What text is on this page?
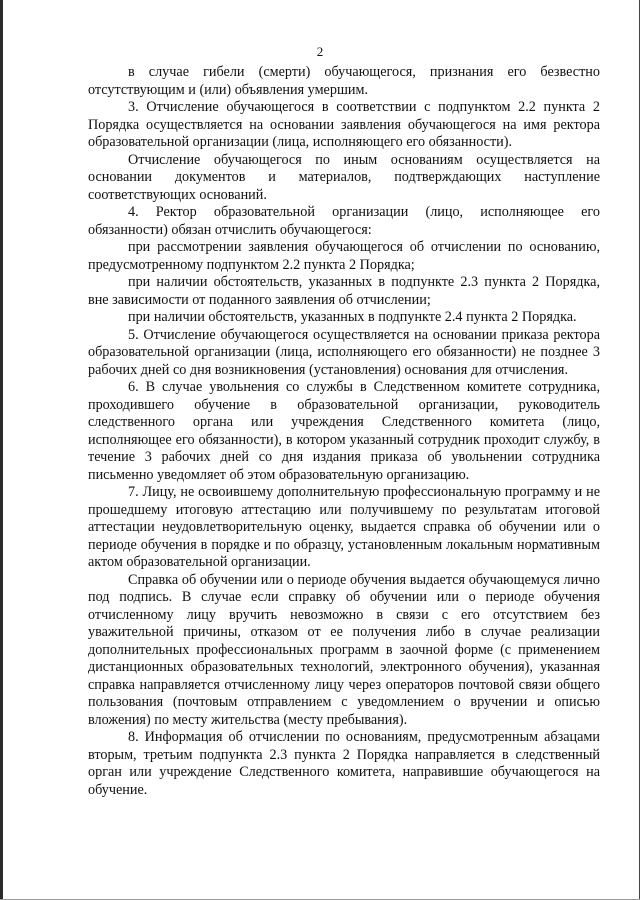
2

в случае гибели (смерти) обучающегося, признания его безвестно отсутствующим и (или) объявления умершим.

3. Отчисление обучающегося в соответствии с подпунктом 2.2 пункта 2 Порядка осуществляется на основании заявления обучающегося на имя ректора образовательной организации (лица, исполняющего его обязанности).

Отчисление обучающегося по иным основаниям осуществляется на основании документов и материалов, подтверждающих наступление соответствующих оснований.

4. Ректор образовательной организации (лицо, исполняющее его обязанности) обязан отчислить обучающегося:

при рассмотрении заявления обучающегося об отчислении по основанию, предусмотренному подпунктом 2.2 пункта 2 Порядка;

при наличии обстоятельств, указанных в подпункте 2.3 пункта 2 Порядка, вне зависимости от поданного заявления об отчислении;

при наличии обстоятельств, указанных в подпункте 2.4 пункта 2 Порядка.

5. Отчисление обучающегося осуществляется на основании приказа ректора образовательной организации (лица, исполняющего его обязанности) не позднее 3 рабочих дней со дня возникновения (установления) основания для отчисления.

6. В случае увольнения со службы в Следственном комитете сотрудника, проходившего обучение в образовательной организации, руководитель следственного органа или учреждения Следственного комитета (лицо, исполняющее его обязанности), в котором указанный сотрудник проходит службу, в течение 3 рабочих дней со дня издания приказа об увольнении сотрудника письменно уведомляет об этом образовательную организацию.

7. Лицу, не освоившему дополнительную профессиональную программу и не прошедшему итоговую аттестацию или получившему по результатам итоговой аттестации неудовлетворительную оценку, выдается справка об обучении или о периоде обучения в порядке и по образцу, установленным локальным нормативным актом образовательной организации.

Справка об обучении или о периоде обучения выдается обучающемуся лично под подпись. В случае если справку об обучении или о периоде обучения отчисленному лицу вручить невозможно в связи с его отсутствием без уважительной причины, отказом от ее получения либо в случае реализации дополнительных профессиональных программ в заочной форме (с применением дистанционных образовательных технологий, электронного обучения), указанная справка направляется отчисленному лицу через операторов почтовой связи общего пользования (почтовым отправлением с уведомлением о вручении и описью вложения) по месту жительства (месту пребывания).

8. Информация об отчислении по основаниям, предусмотренным абзацами вторым, третьим подпункта 2.3 пункта 2 Порядка направляется в следственный орган или учреждение Следственного комитета, направившие обучающегося на обучение.
